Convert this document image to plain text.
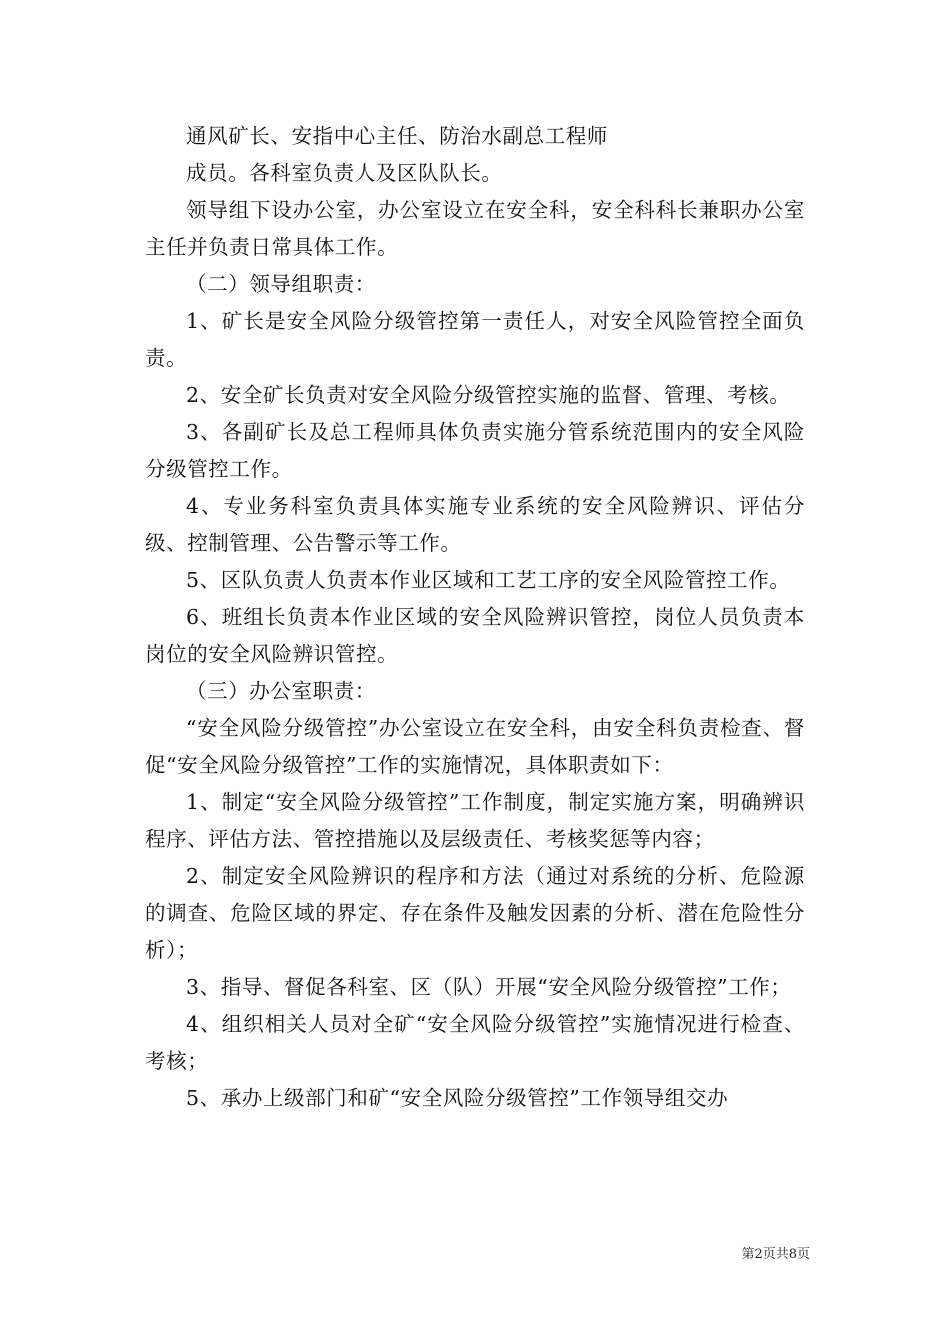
通风矿长、安指中心主任、防治水副总工程师

成员。各科室负责人及区队队长。

领导组下设办公室，办公室设立在安全科，安全科科长兼职办公室主任并负责日常具体工作。

（二）领导组职责：

1、矿长是安全风险分级管控第一责任人，对安全风险管控全面负责。

2、安全矿长负责对安全风险分级管控实施的监督、管理、考核。

3、各副矿长及总工程师具体负责实施分管系统范围内的安全风险分级管控工作。

4、专业务科室负责具体实施专业系统的安全风险辨识、评估分级、控制管理、公告警示等工作。

5、区队负责人负责本作业区域和工艺工序的安全风险管控工作。

6、班组长负责本作业区域的安全风险辨识管控，岗位人员负责本岗位的安全风险辨识管控。

（三）办公室职责：

“安全风险分级管控”办公室设立在安全科，由安全科负责检查、督促“安全风险分级管控”工作的实施情况，具体职责如下：

1、制定“安全风险分级管控”工作制度，制定实施方案，明确辨识程序、评估方法、管控措施以及层级责任、考核奖惩等内容；

2、制定安全风险辨识的程序和方法（通过对系统的分析、危险源的调查、危险区域的界定、存在条件及触发因素的分析、潜在危险性分析）；

3、指导、督促各科室、区（队）开展“安全风险分级管控”工作；

4、组织相关人员对全矿“安全风险分级管控”实施情况进行检查、考核；

5、承办上级部门和矿“安全风险分级管控”工作领导组交办

第2页共8页
